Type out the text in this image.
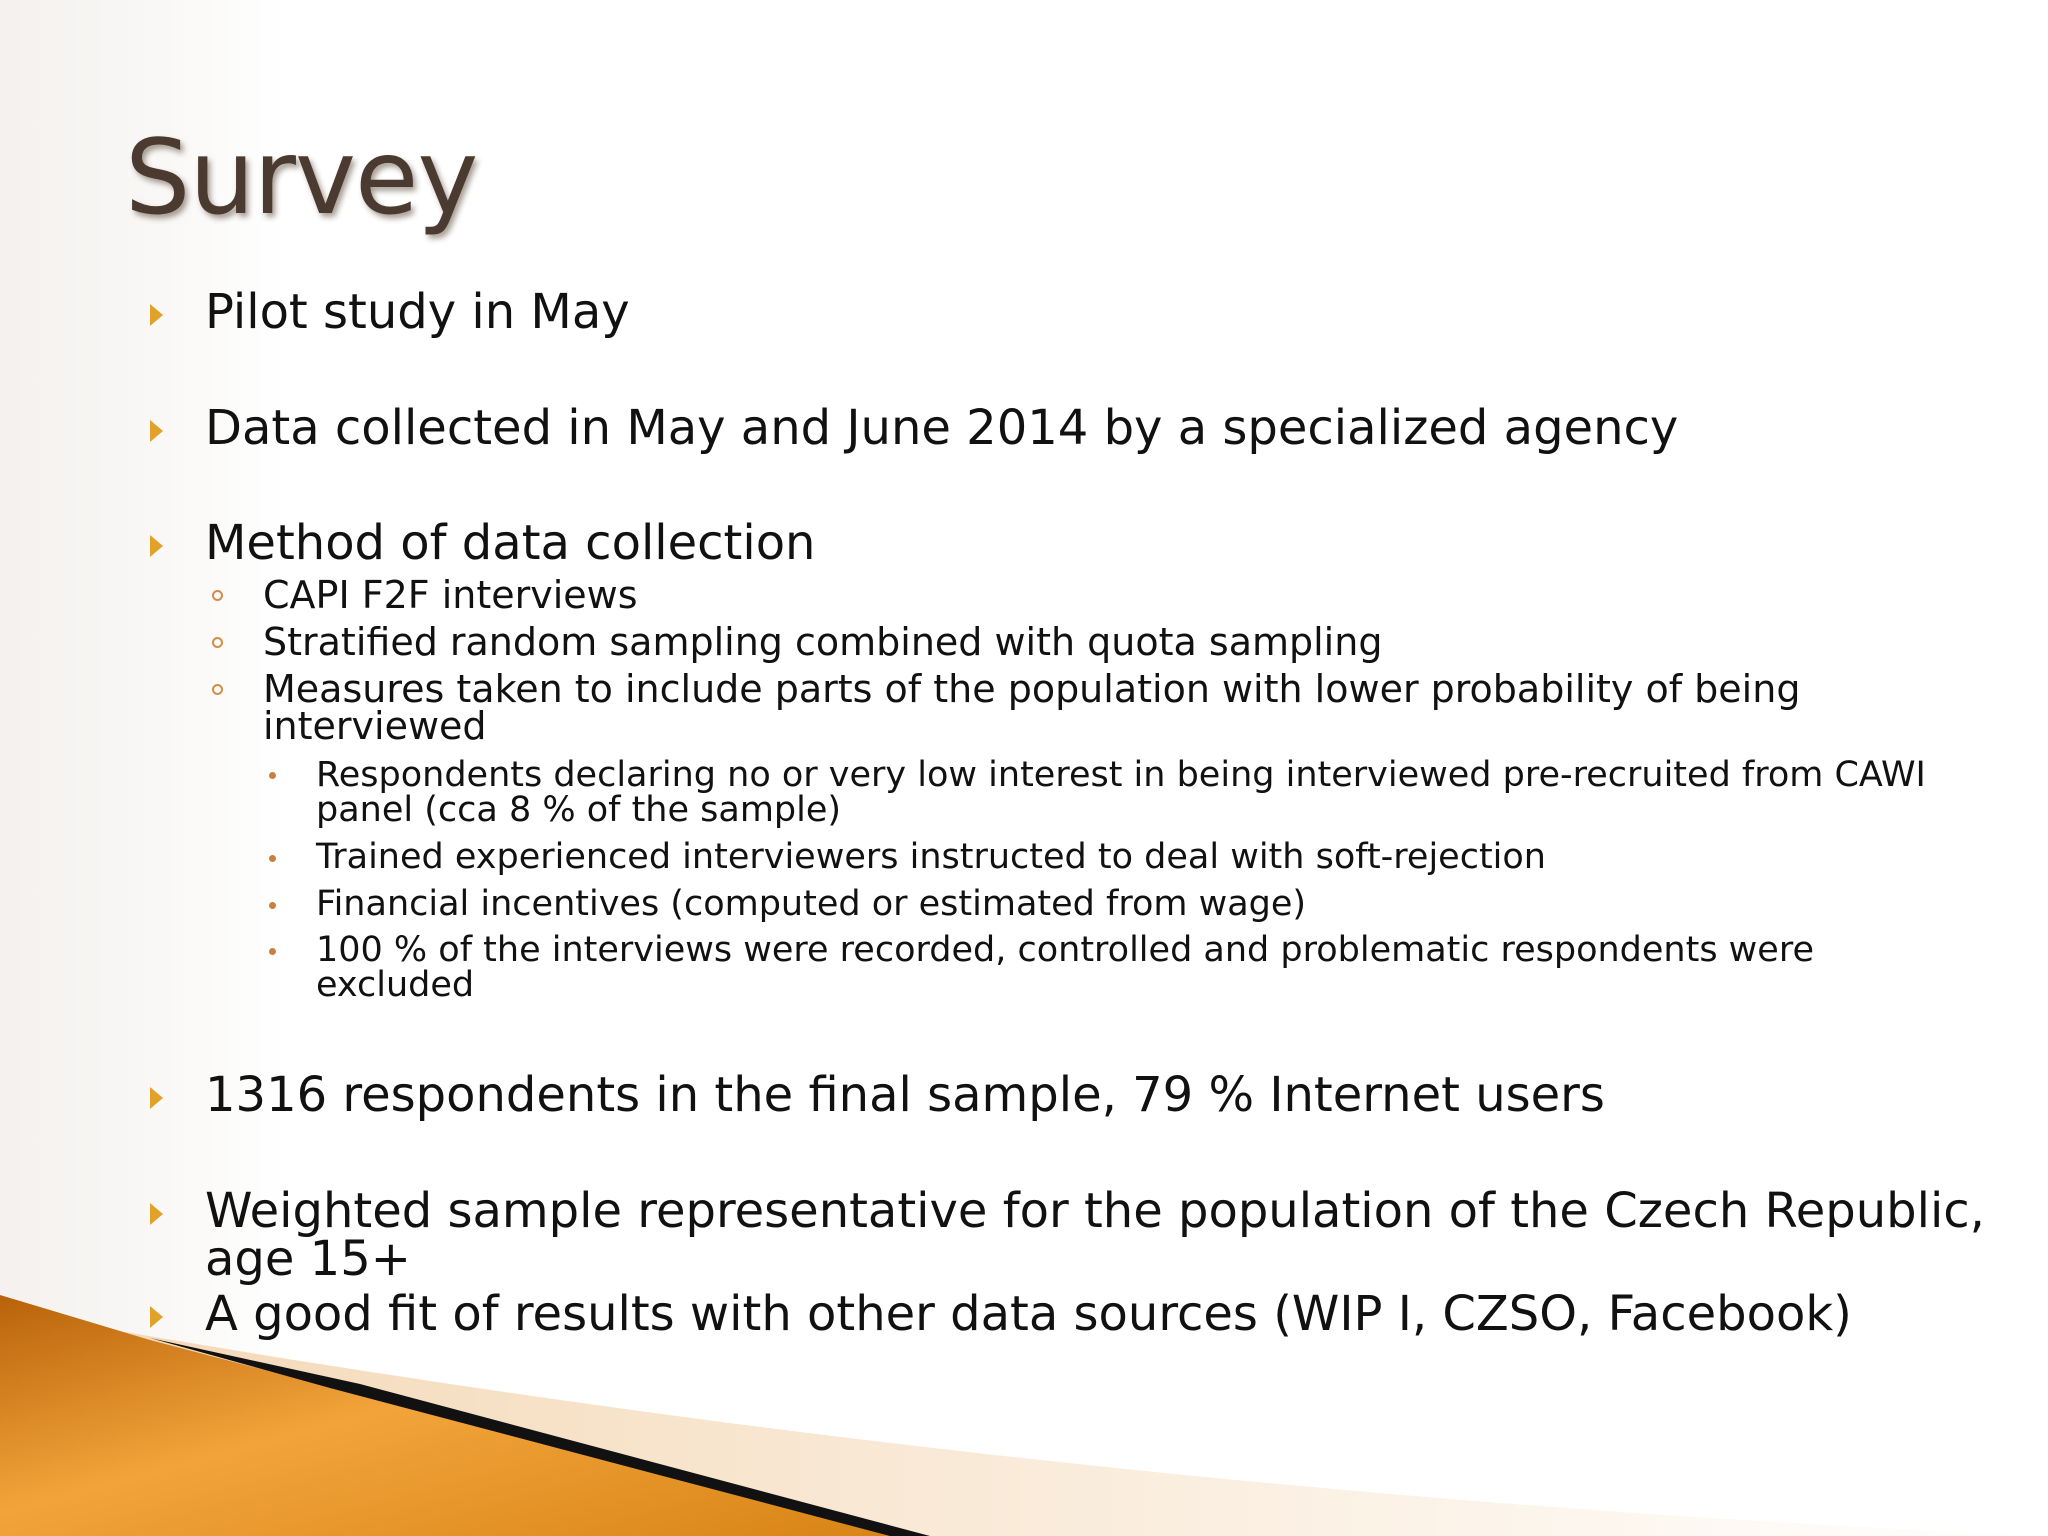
Survey
Pilot study in May
Data collected in May and June 2014 by a specialized agency
Method of data collection
CAPI F2F interviews
Stratified random sampling combined with quota sampling
Measures taken to include parts of the population with lower probability of being
interviewed
Respondents declaring no or very low interest in being interviewed pre-recruited from CAWI
panel (cca 8 % of the sample)
Trained experienced interviewers instructed to deal with soft-rejection
Financial incentives (computed or estimated from wage)
100 % of the interviews were recorded, controlled and problematic respondents were
excluded
1316 respondents in the final sample, 79 % Internet users
Weighted sample representative for the population of the Czech Republic,
age 15+
A good fit of results with other data sources (WIP I, CZSO, Facebook)
